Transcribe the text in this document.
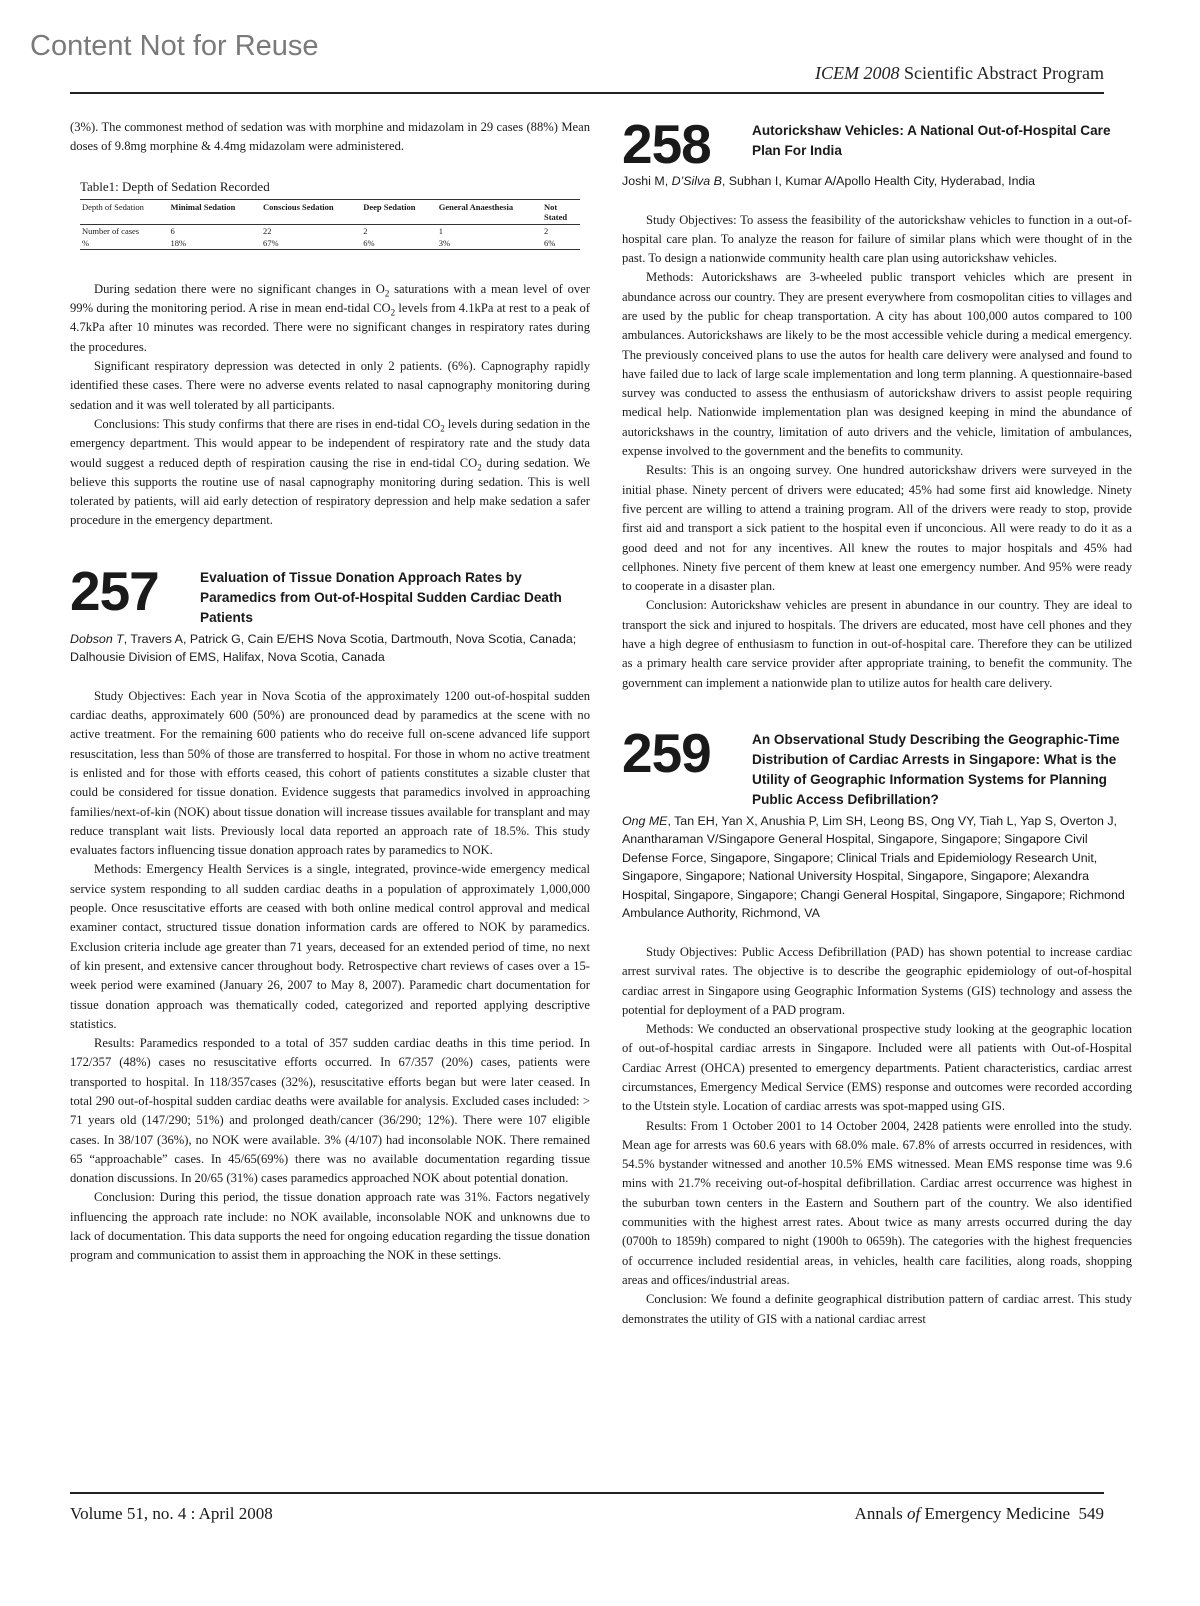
Content Not for Reuse
ICEM 2008 Scientific Abstract Program

(3%). The commonest method of sedation was with morphine and midazolam in 29 cases (88%) Mean doses of 9.8mg morphine & 4.4mg midazolam were administered.

Table1: Depth of Sedation Recorded
Depth of Sedation	Minimal Sedation	Conscious Sedation	Deep Sedation	General Anaesthesia	Not Stated
Number of cases	6	22	2	1	2
%	18%	67%	6%	3%	6%

During sedation there were no significant changes in $O_2$ saturations with a mean level of over 99% during the monitoring period. A rise in mean end-tidal $CO_2$ levels from 4.1kPa at rest to a peak of 4.7kPa after 10 minutes was recorded. There were no significant changes in respiratory rates during the procedures.

Significant respiratory depression was detected in only 2 patients. (6%). Capnography rapidly identified these cases. There were no adverse events related to nasal capnography monitoring during sedation and it was well tolerated by all participants.

Conclusions: This study confirms that there are rises in end-tidal $CO_2$ levels during sedation in the emergency department. This would appear to be independent of respiratory rate and the study data would suggest a reduced depth of respiration causing the rise in end-tidal $CO_2$ during sedation. We believe this supports the routine use of nasal capnography monitoring during sedation. This is well tolerated by patients, will aid early detection of respiratory depression and help make sedation a safer procedure in the emergency department.

257	Evaluation of Tissue Donation Approach Rates by Paramedics from Out-of-Hospital Sudden Cardiac Death Patients
Dobson T, Travers A, Patrick G, Cain E/EHS Nova Scotia, Dartmouth, Nova Scotia, Canada; Dalhousie Division of EMS, Halifax, Nova Scotia, Canada

Study Objectives: Each year in Nova Scotia of the approximately 1200 out-of-hospital sudden cardiac deaths, approximately 600 (50%) are pronounced dead by paramedics at the scene with no active treatment. For the remaining 600 patients who do receive full on-scene advanced life support resuscitation, less than 50% of those are transferred to hospital. For those in whom no active treatment is enlisted and for those with efforts ceased, this cohort of patients constitutes a sizable cluster that could be considered for tissue donation. Evidence suggests that paramedics involved in approaching families/next-of-kin (NOK) about tissue donation will increase tissues available for transplant and may reduce transplant wait lists. Previously local data reported an approach rate of 18.5%. This study evaluates factors influencing tissue donation approach rates by paramedics to NOK.

Methods: Emergency Health Services is a single, integrated, province-wide emergency medical service system responding to all sudden cardiac deaths in a population of approximately 1,000,000 people. Once resuscitative efforts are ceased with both online medical control approval and medical examiner contact, structured tissue donation information cards are offered to NOK by paramedics. Exclusion criteria include age greater than 71 years, deceased for an extended period of time, no next of kin present, and extensive cancer throughout body. Retrospective chart reviews of cases over a 15-week period were examined (January 26, 2007 to May 8, 2007). Paramedic chart documentation for tissue donation approach was thematically coded, categorized and reported applying descriptive statistics.

Results: Paramedics responded to a total of 357 sudden cardiac deaths in this time period. In 172/357 (48%) cases no resuscitative efforts occurred. In 67/357 (20%) cases, patients were transported to hospital. In 118/357cases (32%), resuscitative efforts began but were later ceased. In total 290 out-of-hospital sudden cardiac deaths were available for analysis. Excluded cases included: > 71 years old (147/290; 51%) and prolonged death/cancer (36/290; 12%). There were 107 eligible cases. In 38/107 (36%), no NOK were available. 3% (4/107) had inconsolable NOK. There remained 65 “approachable” cases. In 45/65(69%) there was no available documentation regarding tissue donation discussions. In 20/65 (31%) cases paramedics approached NOK about potential donation.

Conclusion: During this period, the tissue donation approach rate was 31%. Factors negatively influencing the approach rate include: no NOK available, inconsolable NOK and unknowns due to lack of documentation. This data supports the need for ongoing education regarding the tissue donation program and communication to assist them in approaching the NOK in these settings.

258	Autorickshaw Vehicles: A National Out-of-Hospital Care Plan For India
Joshi M, D’Silva B, Subhan I, Kumar A/Apollo Health City, Hyderabad, India

Study Objectives: To assess the feasibility of the autorickshaw vehicles to function in a out-of-hospital care plan. To analyze the reason for failure of similar plans which were thought of in the past. To design a nationwide community health care plan using autorickshaw vehicles.

Methods: Autorickshaws are 3-wheeled public transport vehicles which are present in abundance across our country. They are present everywhere from cosmopolitan cities to villages and are used by the public for cheap transportation. A city has about 100,000 autos compared to 100 ambulances. Autorickshaws are likely to be the most accessible vehicle during a medical emergency. The previously conceived plans to use the autos for health care delivery were analysed and found to have failed due to lack of large scale implementation and long term planning. A questionnaire-based survey was conducted to assess the enthusiasm of autorickshaw drivers to assist people requiring medical help. Nationwide implementation plan was designed keeping in mind the abundance of autorickshaws in the country, limitation of auto drivers and the vehicle, limitation of ambulances, expense involved to the government and the benefits to community.

Results: This is an ongoing survey. One hundred autorickshaw drivers were surveyed in the initial phase. Ninety percent of drivers were educated; 45% had some first aid knowledge. Ninety five percent are willing to attend a training program. All of the drivers were ready to stop, provide first aid and transport a sick patient to the hospital even if unconcious. All were ready to do it as a good deed and not for any incentives. All knew the routes to major hospitals and 45% had cellphones. Ninety five percent of them knew at least one emergency number. And 95% were ready to cooperate in a disaster plan.

Conclusion: Autorickshaw vehicles are present in abundance in our country. They are ideal to transport the sick and injured to hospitals. The drivers are educated, most have cell phones and they have a high degree of enthusiasm to function in out-of-hospital care. Therefore they can be utilized as a primary health care service provider after appropriate training, to benefit the community. The government can implement a nationwide plan to utilize autos for health care delivery.

259	An Observational Study Describing the Geographic-Time Distribution of Cardiac Arrests in Singapore: What is the Utility of Geographic Information Systems for Planning Public Access Defibrillation?
Ong ME, Tan EH, Yan X, Anushia P, Lim SH, Leong BS, Ong VY, Tiah L, Yap S, Overton J, Anantharaman V/Singapore General Hospital, Singapore, Singapore; Singapore Civil Defense Force, Singapore, Singapore; Clinical Trials and Epidemiology Research Unit, Singapore, Singapore; National University Hospital, Singapore, Singapore; Alexandra Hospital, Singapore, Singapore; Changi General Hospital, Singapore, Singapore; Richmond Ambulance Authority, Richmond, VA

Study Objectives: Public Access Defibrillation (PAD) has shown potential to increase cardiac arrest survival rates. The objective is to describe the geographic epidemiology of out-of-hospital cardiac arrest in Singapore using Geographic Information Systems (GIS) technology and assess the potential for deployment of a PAD program.

Methods: We conducted an observational prospective study looking at the geographic location of out-of-hospital cardiac arrests in Singapore. Included were all patients with Out-of-Hospital Cardiac Arrest (OHCA) presented to emergency departments. Patient characteristics, cardiac arrest circumstances, Emergency Medical Service (EMS) response and outcomes were recorded according to the Utstein style. Location of cardiac arrests was spot-mapped using GIS.

Results: From 1 October 2001 to 14 October 2004, 2428 patients were enrolled into the study. Mean age for arrests was 60.6 years with 68.0% male. 67.8% of arrests occurred in residences, with 54.5% bystander witnessed and another 10.5% EMS witnessed. Mean EMS response time was 9.6 mins with 21.7% receiving out-of-hospital defibrillation. Cardiac arrest occurrence was highest in the suburban town centers in the Eastern and Southern part of the country. We also identified communities with the highest arrest rates. About twice as many arrests occurred during the day (0700h to 1859h) compared to night (1900h to 0659h). The categories with the highest frequencies of occurrence included residential areas, in vehicles, health care facilities, along roads, shopping areas and offices/industrial areas.

Conclusion: We found a definite geographical distribution pattern of cardiac arrest. This study demonstrates the utility of GIS with a national cardiac arrest

Volume 51, no. 4 : April 2008	Annals of Emergency Medicine 549
